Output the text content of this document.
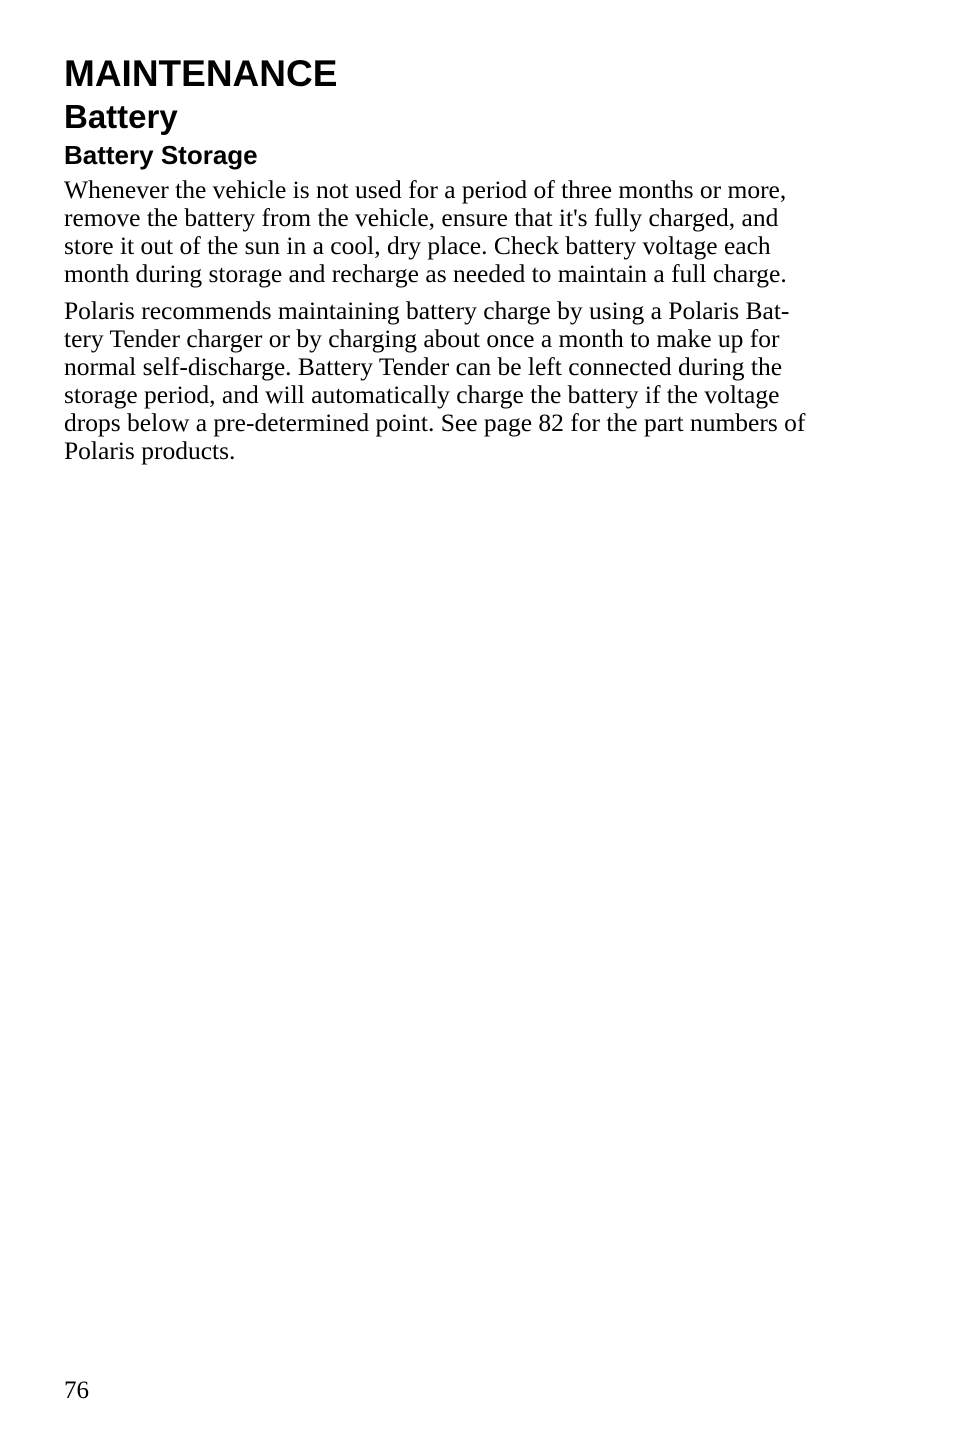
MAINTENANCE
Battery
Battery Storage

Whenever the vehicle is not used for a period of three months or more,
remove the battery from the vehicle, ensure that it's fully charged, and
store it out of the sun in a cool, dry place. Check battery voltage each
month during storage and recharge as needed to maintain a full charge.

Polaris recommends maintaining battery charge by using a Polaris Bat-
tery Tender charger or by charging about once a month to make up for
normal self-discharge. Battery Tender can be left connected during the
storage period, and will automatically charge the battery if the voltage
drops below a pre-determined point. See page 82 for the part numbers of
Polaris products.

76
